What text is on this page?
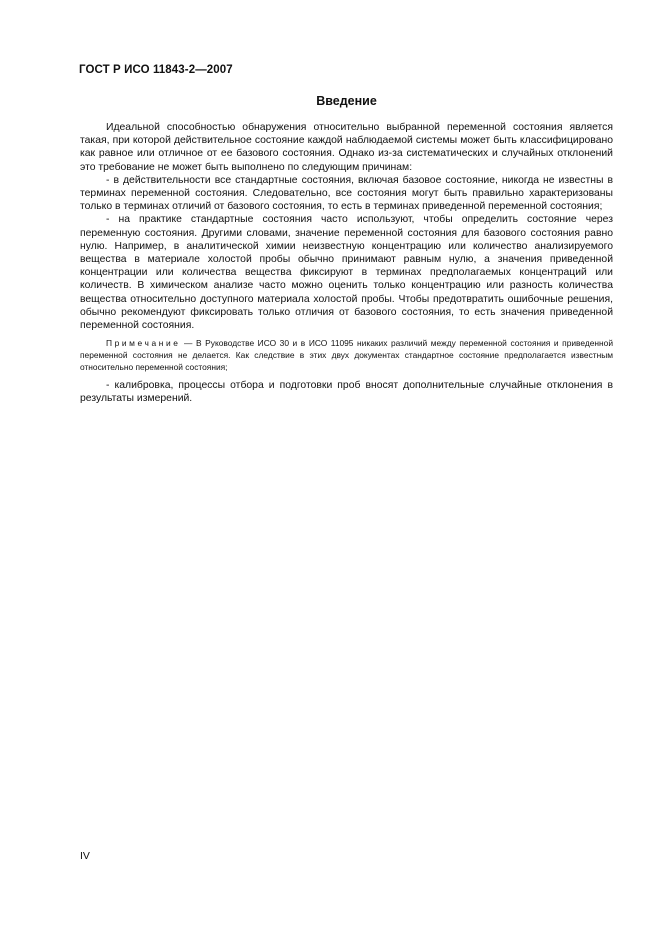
ГОСТ Р ИСО 11843-2—2007
Введение

Идеальной способностью обнаружения относительно выбранной переменной состояния является такая, при которой действительное состояние каждой наблюдаемой системы может быть классифицировано как равное или отличное от ее базового состояния. Однако из-за систематических и случайных отклонений это требование не может быть выполнено по следующим причинам:

- в действительности все стандартные состояния, включая базовое состояние, никогда не известны в терминах переменной состояния. Следовательно, все состояния могут быть правильно характеризованы только в терминах отличий от базового состояния, то есть в терминах приведенной переменной состояния;

- на практике стандартные состояния часто используют, чтобы определить состояние через переменную состояния. Другими словами, значение переменной состояния для базового состояния равно нулю. Например, в аналитической химии неизвестную концентрацию или количество анализируемого вещества в материале холостой пробы обычно принимают равным нулю, а значения приведенной концентрации или количества вещества фиксируют в терминах предполагаемых концентраций или количеств. В химическом анализе часто можно оценить только концентрацию или разность количества вещества относительно доступного материала холостой пробы. Чтобы предотвратить ошибочные решения, обычно рекомендуют фиксировать только отличия от базового состояния, то есть значения приведенной переменной состояния.

Примечание — В Руководстве ИСО 30 и в ИСО 11095 никаких различий между переменной состояния и приведенной переменной состояния не делается. Как следствие в этих двух документах стандартное состояние предполагается известным относительно переменной состояния;

- калибровка, процессы отбора и подготовки проб вносят дополнительные случайные отклонения в результаты измерений.

IV
